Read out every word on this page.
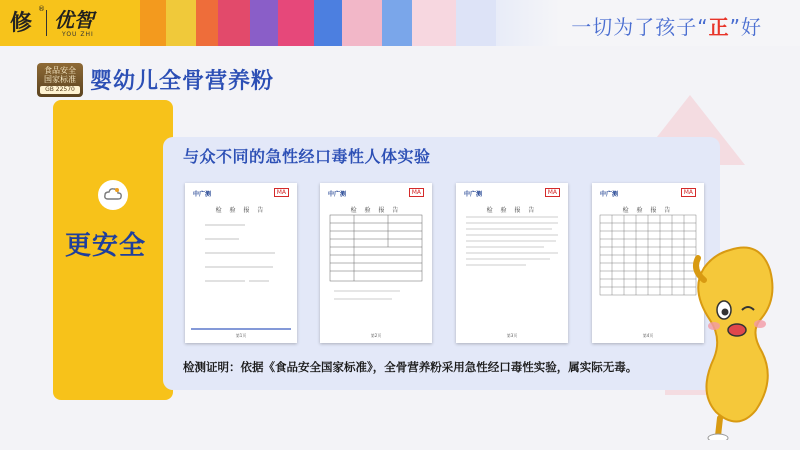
修
® 优智
YOU ZHI	一切为了孩子“正”好
食品安全
国家标准
GB 22570 婴幼儿全骨营养粉
更安全
与众不同的急性经口毒性人体实验
中广测	MA
检 验 报 告
第1页
中广测	MA
检 验 报 告
第2页
中广测	MA
检 验 报 告
第3页
中广测	MA
检 验 报 告
第4页
检测证明：依据《食品安全国家标准》，全骨营养粉采用急性经口毒性实验，属实际无毒。
